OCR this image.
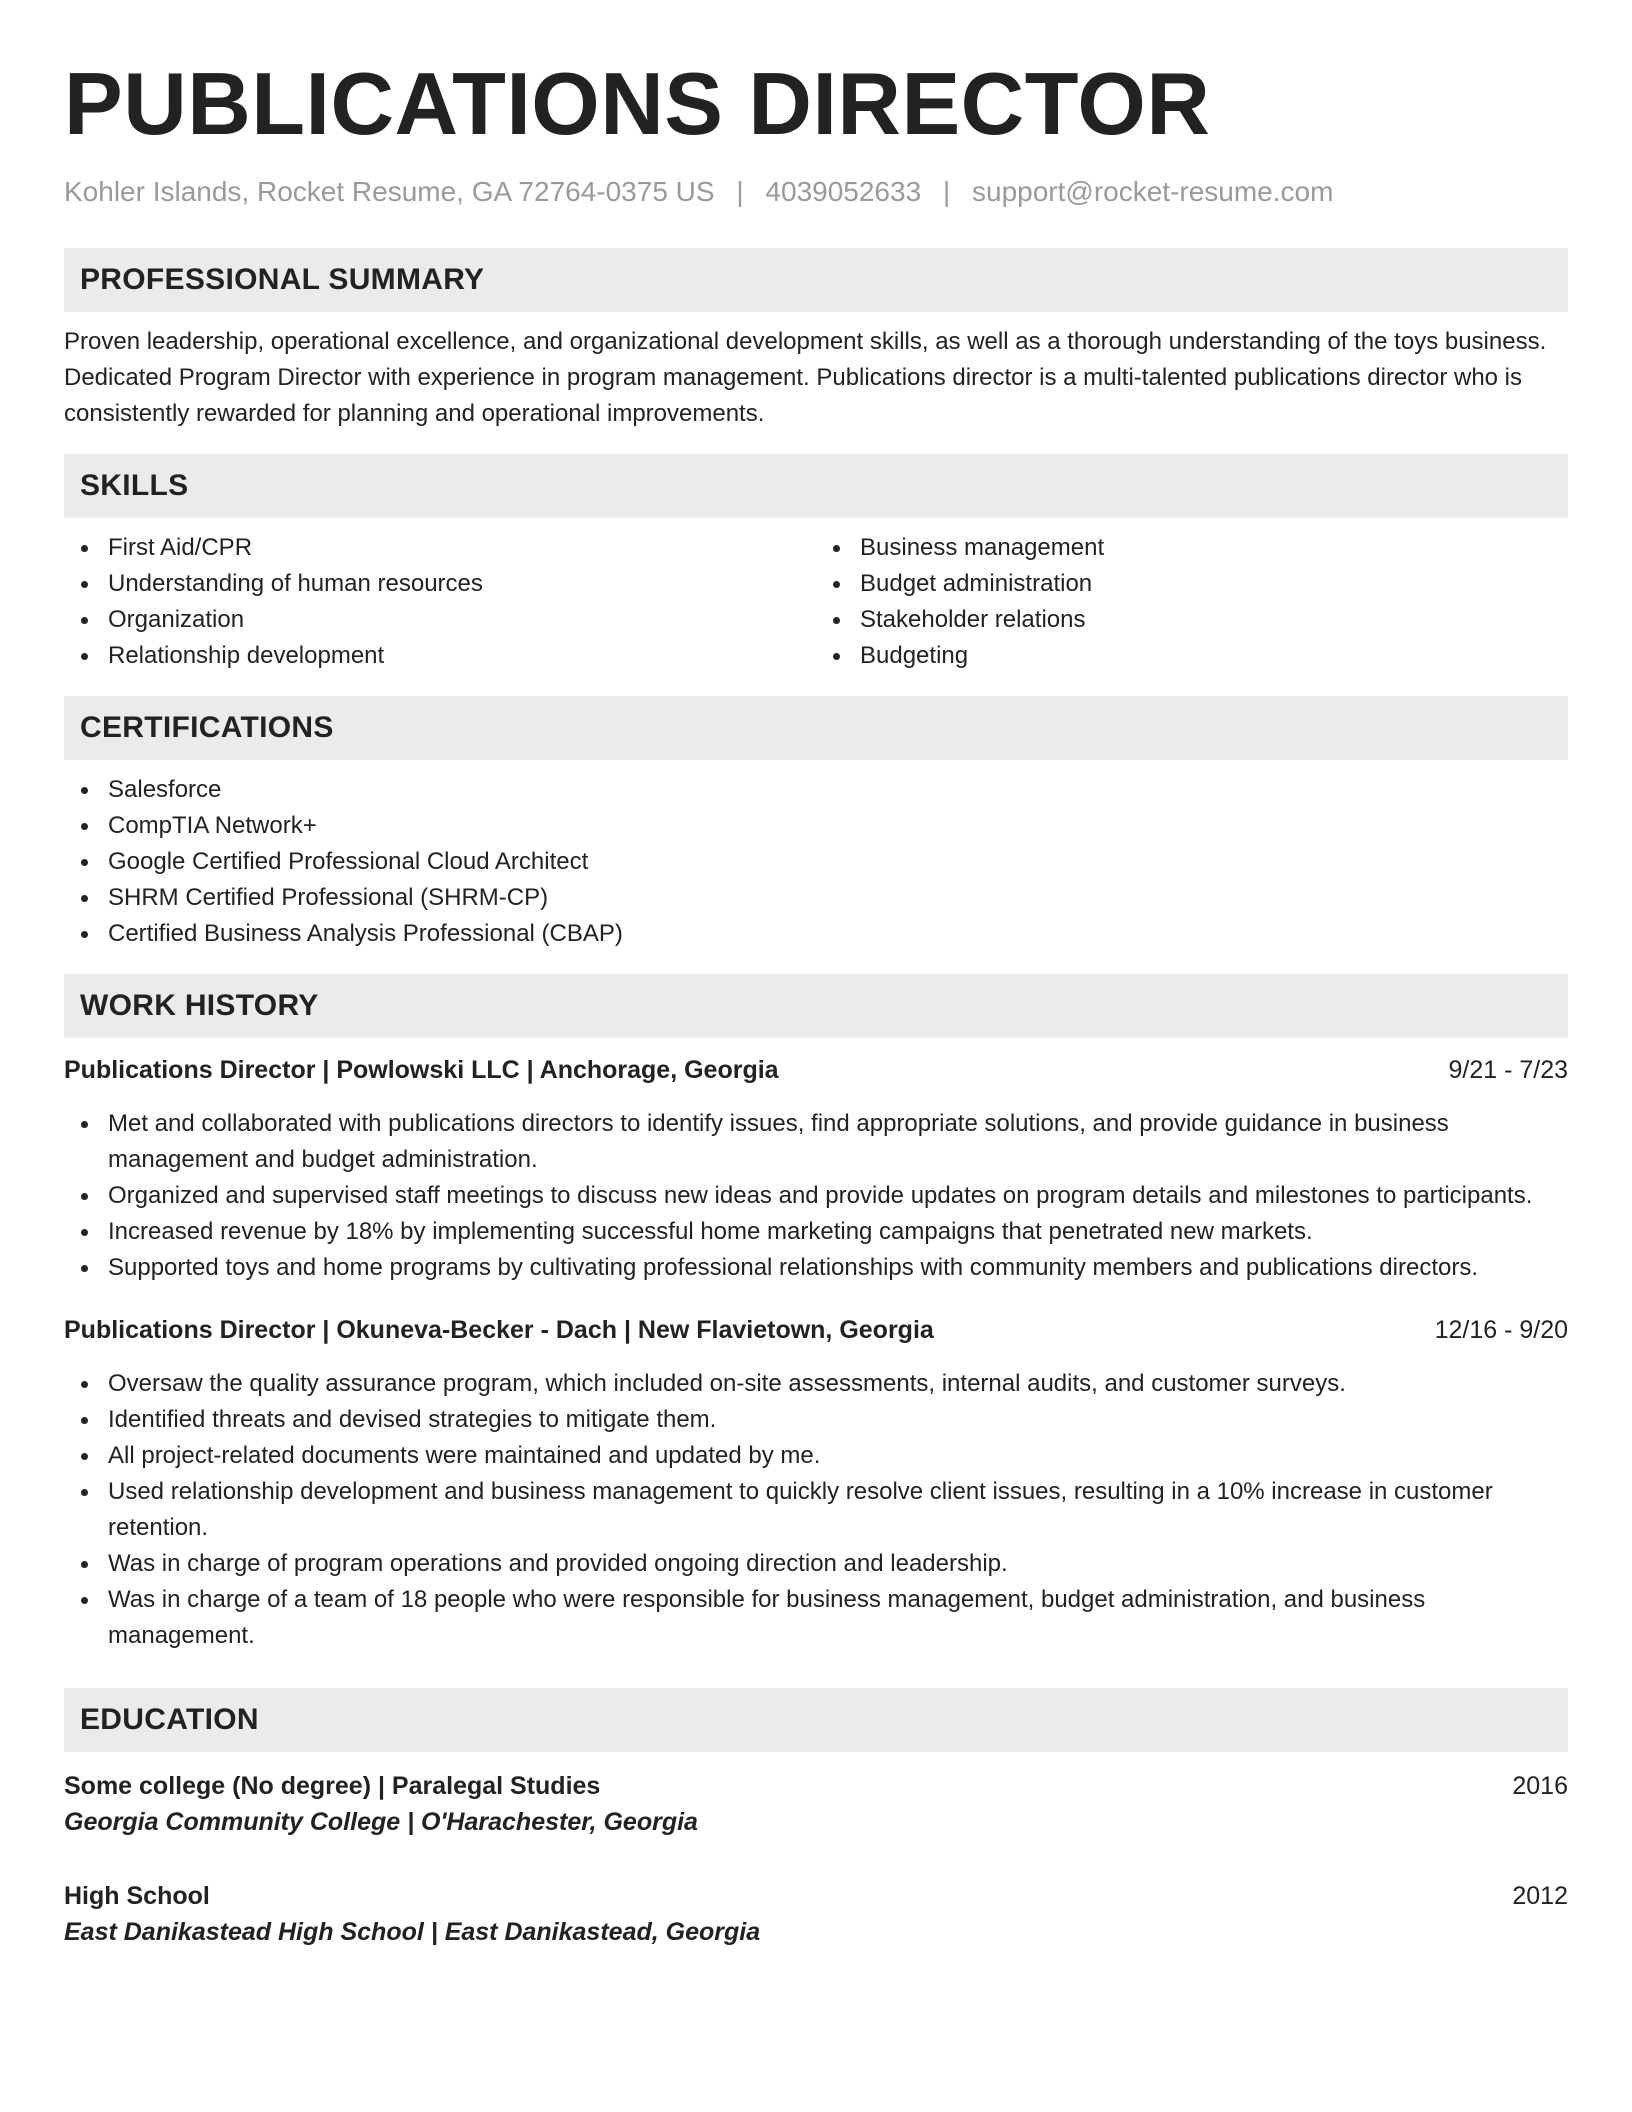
PUBLICATIONS DIRECTOR
Kohler Islands, Rocket Resume, GA 72764-0375 US | 4039052633 | support@rocket-resume.com
PROFESSIONAL SUMMARY
Proven leadership, operational excellence, and organizational development skills, as well as a thorough understanding of the toys business. Dedicated Program Director with experience in program management. Publications director is a multi-talented publications director who is consistently rewarded for planning and operational improvements.
SKILLS
First Aid/CPR
Understanding of human resources
Organization
Relationship development
Business management
Budget administration
Stakeholder relations
Budgeting
CERTIFICATIONS
Salesforce
CompTIA Network+
Google Certified Professional Cloud Architect
SHRM Certified Professional (SHRM-CP)
Certified Business Analysis Professional (CBAP)
WORK HISTORY
Publications Director | Powlowski LLC | Anchorage, Georgia	9/21 - 7/23
Met and collaborated with publications directors to identify issues, find appropriate solutions, and provide guidance in business management and budget administration.
Organized and supervised staff meetings to discuss new ideas and provide updates on program details and milestones to participants.
Increased revenue by 18% by implementing successful home marketing campaigns that penetrated new markets.
Supported toys and home programs by cultivating professional relationships with community members and publications directors.
Publications Director | Okuneva-Becker - Dach | New Flavietown, Georgia	12/16 - 9/20
Oversaw the quality assurance program, which included on-site assessments, internal audits, and customer surveys.
Identified threats and devised strategies to mitigate them.
All project-related documents were maintained and updated by me.
Used relationship development and business management to quickly resolve client issues, resulting in a 10% increase in customer retention.
Was in charge of program operations and provided ongoing direction and leadership.
Was in charge of a team of 18 people who were responsible for business management, budget administration, and business management.
EDUCATION
Some college (No degree) | Paralegal Studies	2016
Georgia Community College | O'Harachester, Georgia
High School	2012
East Danikastead High School | East Danikastead, Georgia
